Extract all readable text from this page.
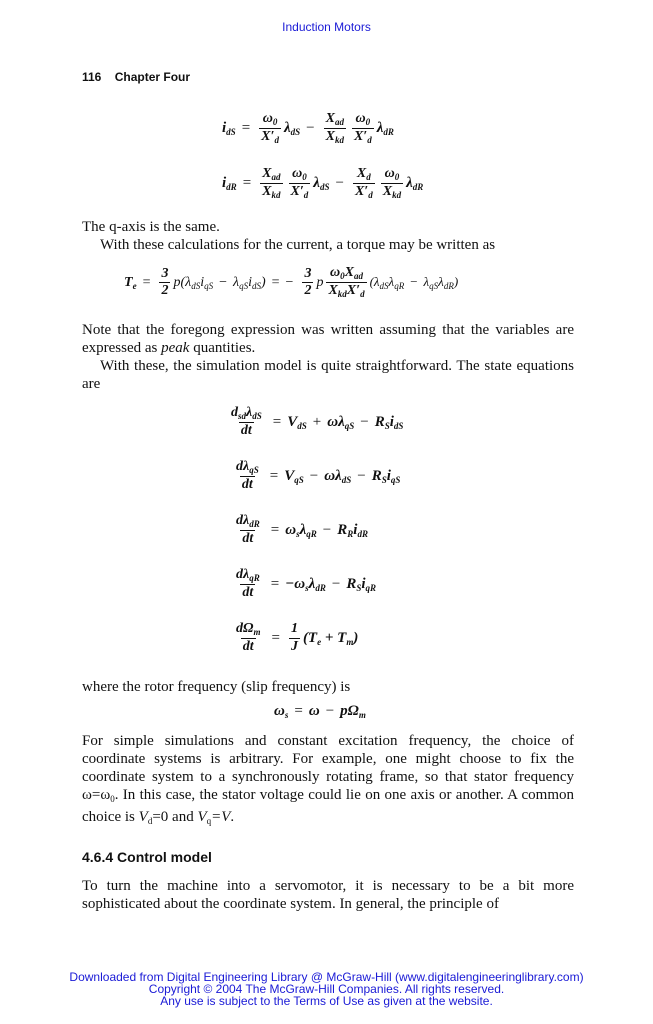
Induction Motors
116 Chapter Four
$i_{dS} = \frac{\omega_0}{X'_d} \lambda_{dS} - \frac{X_{ad}}{X_{kd}} \frac{\omega_0}{X'_d} \lambda_{dR}$
$i_{dR} = \frac{X_{ad}}{X_{kd}} \frac{\omega_0}{X'_d} \lambda_{dS} - \frac{X_d}{X'_d} \frac{\omega_0}{X_{kd}} \lambda_{dR}$
The q-axis is the same.
With these calculations for the current, a torque may be written as
$T_e = \frac{3}{2} p(\lambda_{dS}i_{qS} - \lambda_{qS}i_{dS})$ = − $\frac{3}{2}$ p $\frac{\omega_0X_{ad}}{X_{kd}X'_d} (\lambda_{dS}\lambda_{qR} - \lambda_{qS}\lambda_{dR})$
Note that the foregong expression was written assuming that the variables are expressed as peak quantities.
With these, the simulation model is quite straightforward. The state equations are
$\frac{d_{sd}\lambda_{dS}}{dt} = V_{dS} + \omega\lambda_{qS} - R_Si_{dS}$
$\frac{d\lambda_{qS}}{dt} = V_{qS} - \omega\lambda_{dS} - R_Si_{qS}$
$\frac{d\lambda_{dR}}{dt} = \omega_s\lambda_{qR} - R_Ri_{dR}$
$\frac{d\lambda_{qR}}{dt} = -\omega_s\lambda_{dR} - R_Si_{qR}$
$\frac{d\Omega_m}{dt} = \frac{1}{J} (T_e + T_m)$
where the rotor frequency (slip frequency) is
$\omega_s = \omega - p\Omega_m$
For simple simulations and constant excitation frequency, the choice of coordinate systems is arbitrary. For example, one might choose to fix the coordinate system to a synchronously rotating frame, so that stator frequency $\omega=\omega_0$. In this case, the stator voltage could lie on one axis or another. A common choice is $V_d=0$ and $V_q=V$.
4.6.4 Control model
To turn the machine into a servomotor, it is necessary to be a bit more sophisticated about the coordinate system. In general, the principle of
Downloaded from Digital Engineering Library @ McGraw-Hill (www.digitalengineeringlibrary.com)
Copyright © 2004 The McGraw-Hill Companies. All rights reserved.
Any use is subject to the Terms of Use as given at the website.
